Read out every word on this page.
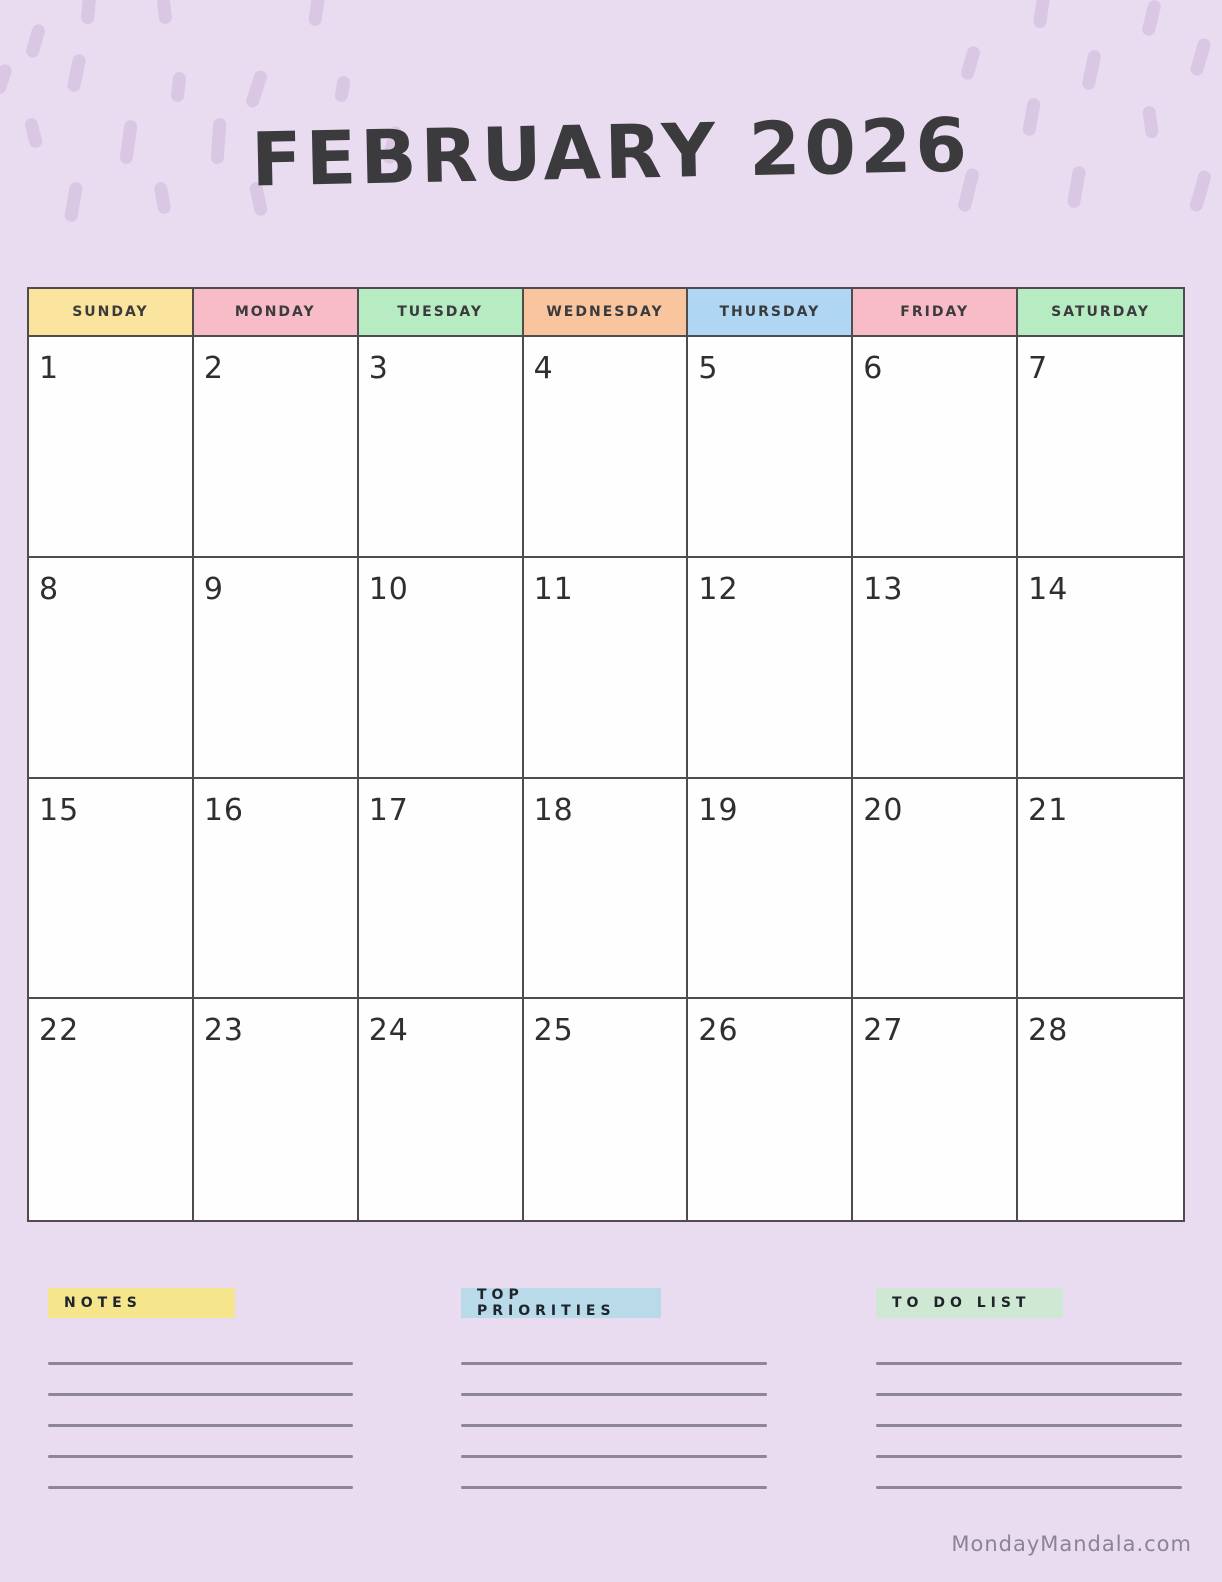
FEBRUARY 2026
SUNDAY	MONDAY	TUESDAY	WEDNESDAY	THURSDAY	FRIDAY	SATURDAY
1	2	3	4	5	6	7
8	9	10	11	12	13	14
15	16	17	18	19	20	21
22	23	24	25	26	27	28
NOTES	TOP PRIORITIES	TO DO LIST
MondayMandala.com
